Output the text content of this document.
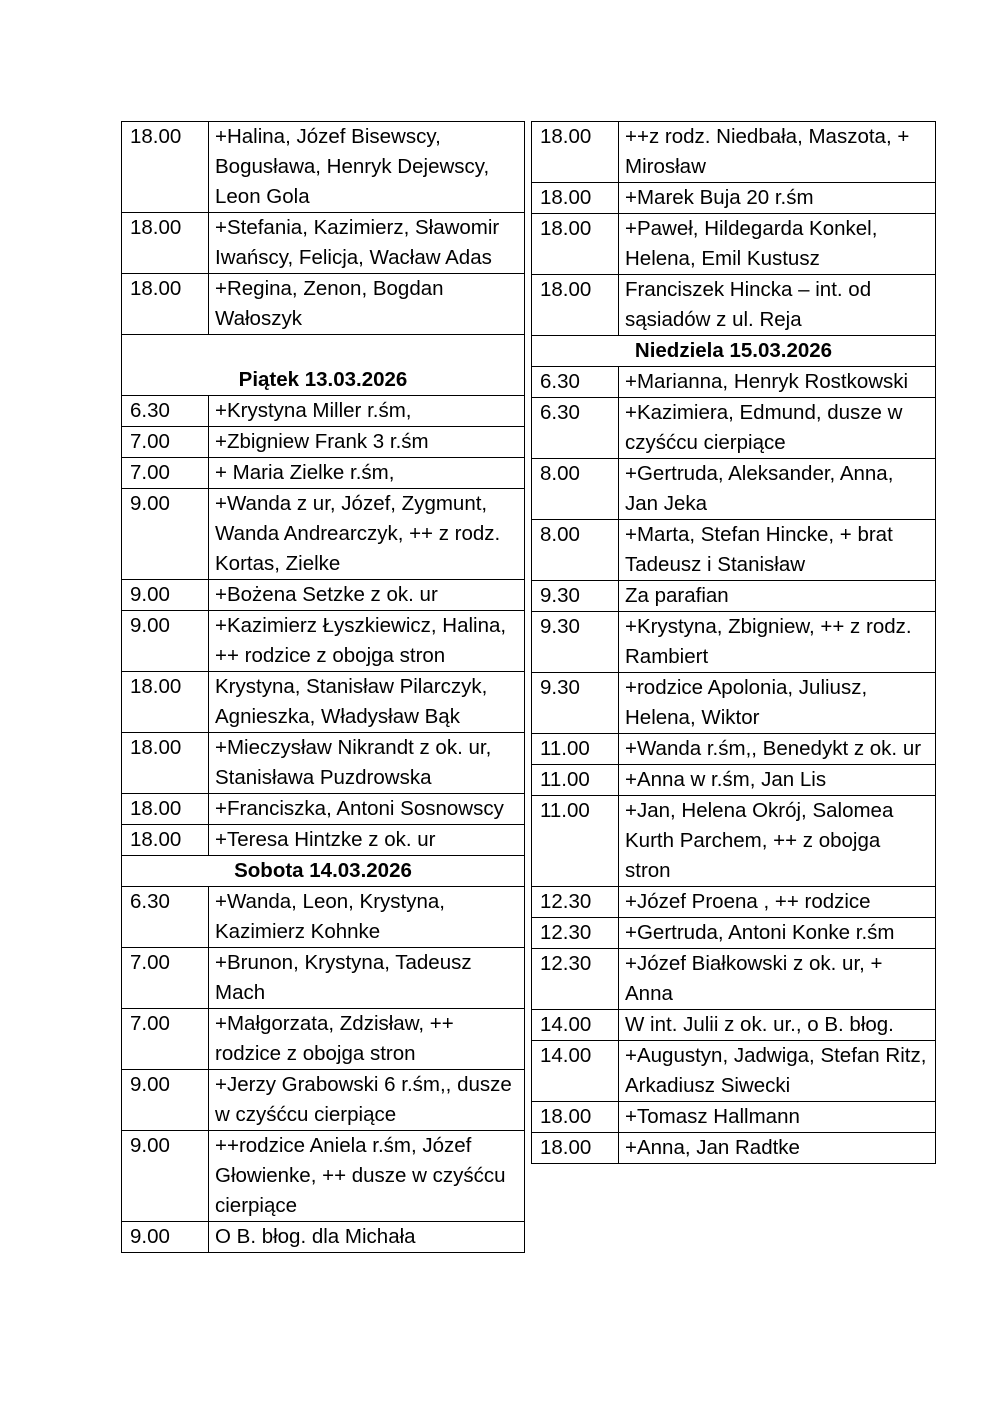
18.00	+Halina, Józef Bisewscy, Bogusława, Henryk Dejewscy, Leon Gola
18.00	+Stefania, Kazimierz, Sławomir Iwańscy, Felicja, Wacław Adas
18.00	+Regina, Zenon, Bogdan Wałoszyk
Piątek 13.03.2026	
6.30	+Krystyna Miller r.śm,
7.00	+Zbigniew Frank 3 r.śm
7.00	+ Maria Zielke r.śm,
9.00	+Wanda z ur, Józef, Zygmunt, Wanda Andrearczyk, ++ z rodz. Kortas, Zielke
9.00	+Bożena Setzke z ok. ur
9.00	+Kazimierz Łyszkiewicz, Halina, ++ rodzice z obojga stron
18.00	Krystyna, Stanisław Pilarczyk, Agnieszka, Władysław Bąk
18.00	+Mieczysław Nikrandt z ok. ur, Stanisława Puzdrowska
18.00	+Franciszka, Antoni Sosnowscy
18.00	+Teresa Hintzke z ok. ur
Sobota 14.03.2026	
6.30	+Wanda, Leon, Krystyna, Kazimierz Kohnke
7.00	+Brunon, Krystyna, Tadeusz Mach
7.00	+Małgorzata, Zdzisław, ++ rodzice z obojga stron
9.00	+Jerzy Grabowski 6 r.śm,, dusze w czyśćcu cierpiące
9.00	++rodzice Aniela r.śm, Józef Głowienke, ++ dusze w czyśćcu cierpiące
9.00	O B. błog. dla Michała
18.00	++z rodz. Niedbała, Maszota, + Mirosław
18.00	+Marek Buja 20 r.śm
18.00	+Paweł, Hildegarda Konkel, Helena, Emil Kustusz
18.00	Franciszek Hincka – int. od sąsiadów z ul. Reja
Niedziela 15.03.2026	
6.30	+Marianna, Henryk Rostkowski
6.30	+Kazimiera, Edmund, dusze w czyśćcu cierpiące
8.00	+Gertruda, Aleksander, Anna, Jan Jeka
8.00	+Marta, Stefan Hincke, + brat Tadeusz i Stanisław
9.30	Za parafian
9.30	+Krystyna, Zbigniew, ++ z rodz. Rambiert
9.30	+rodzice Apolonia, Juliusz, Helena, Wiktor
11.00	+Wanda r.śm,, Benedykt z ok. ur
11.00	+Anna w r.śm, Jan Lis
11.00	+Jan, Helena Okrój, Salomea Kurth Parchem, ++ z obojga stron
12.30	+Józef Proena , ++ rodzice
12.30	+Gertruda, Antoni Konke r.śm
12.30	+Józef Białkowski z ok. ur, + Anna
14.00	W int. Julii z ok. ur., o B. błog.
14.00	+Augustyn, Jadwiga, Stefan Ritz, Arkadiusz Siwecki
18.00	+Tomasz Hallmann
18.00	+Anna, Jan Radtke
